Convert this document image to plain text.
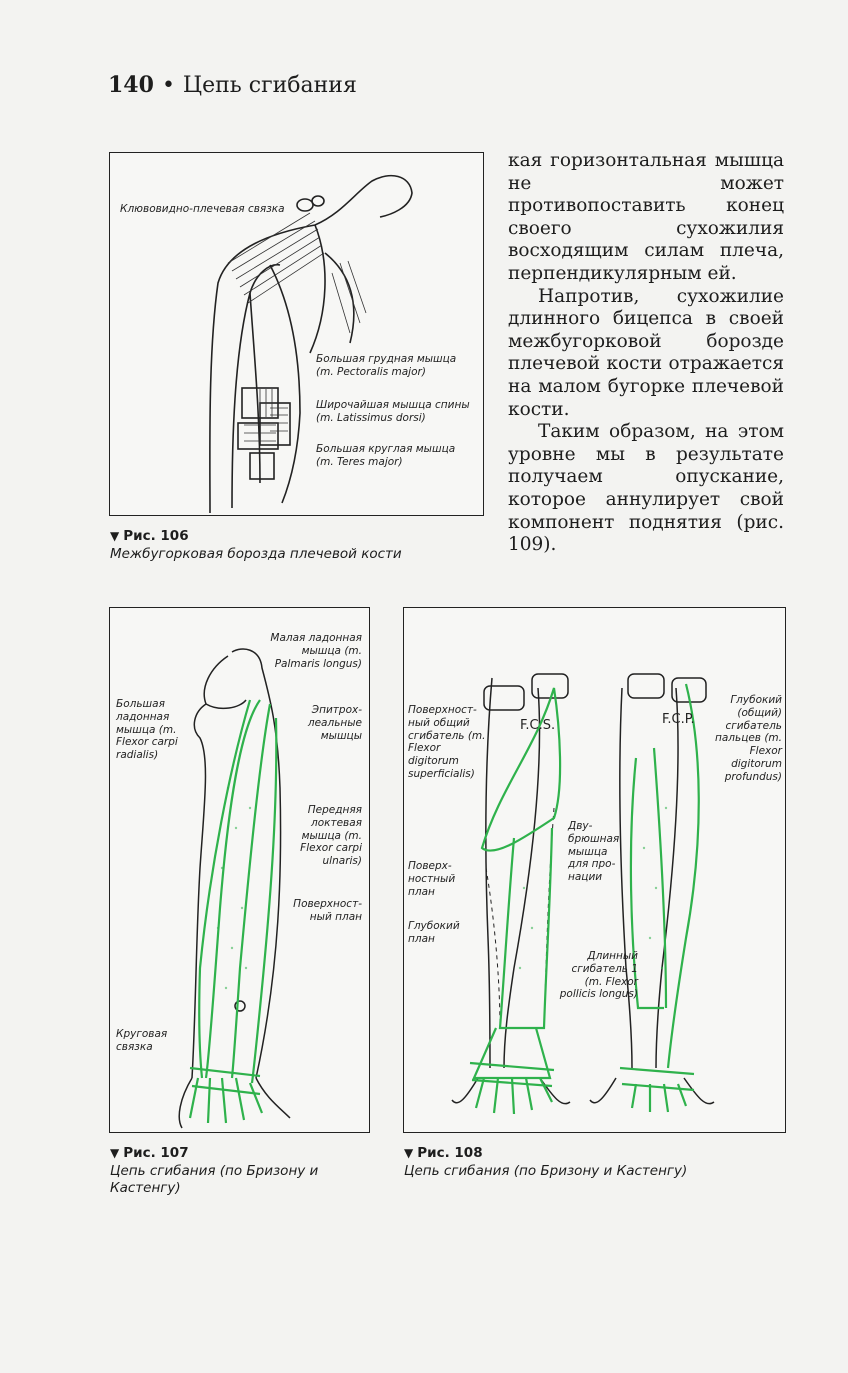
140 • Цепь сгибания
Клювовидно-плечевая связка
Большая грудная мышца (m. Pectoralis major)
Широчайшая мышца спины (m. Latissimus dorsi)
Большая круглая мышца (m. Teres major)

кая горизонтальная мышца не может противопоставить конец своего сухожилия восходящим силам плеча, перпендикулярным ей.

Напротив, сухожилие длинного бицепса в своей межбугорковой борозде плечевой кости отражается на малом бугорке плечевой кости.

Таким образом, на этом уровне мы в результате получаем опускание, которое аннулирует свой компонент поднятия (рис. 109).

▼ Рис. 106
Межбугорковая борозда плечевой кости
Малая ладонная мышца (m. Palmaris longus)
Большая ладонная мышца (m. Flexor carpi radialis)
Эпитрох-леальные мышцы
Передняя локтевая мышца (m. Flexor carpi ulnaris)
Поверхност-ный план
Круговая связка
▼ Рис. 107
Цепь сгибания (по Бризону и Кастенгу)
Поверхност-ный общий сгибатель (m. Flexor digitorum superficialis)
F.C.S.	F.C.P.
Глубокий (общий) сгибатель пальцев (m. Flexor digitorum profundus)
Дву-брюшная мышца для про-нации
Поверх-ностный план
Глубокий план
Длинный сгибатель 1 (m. Flexor pollicis longus)
▼ Рис. 108
Цепь сгибания (по Бризону и Кастенгу)
